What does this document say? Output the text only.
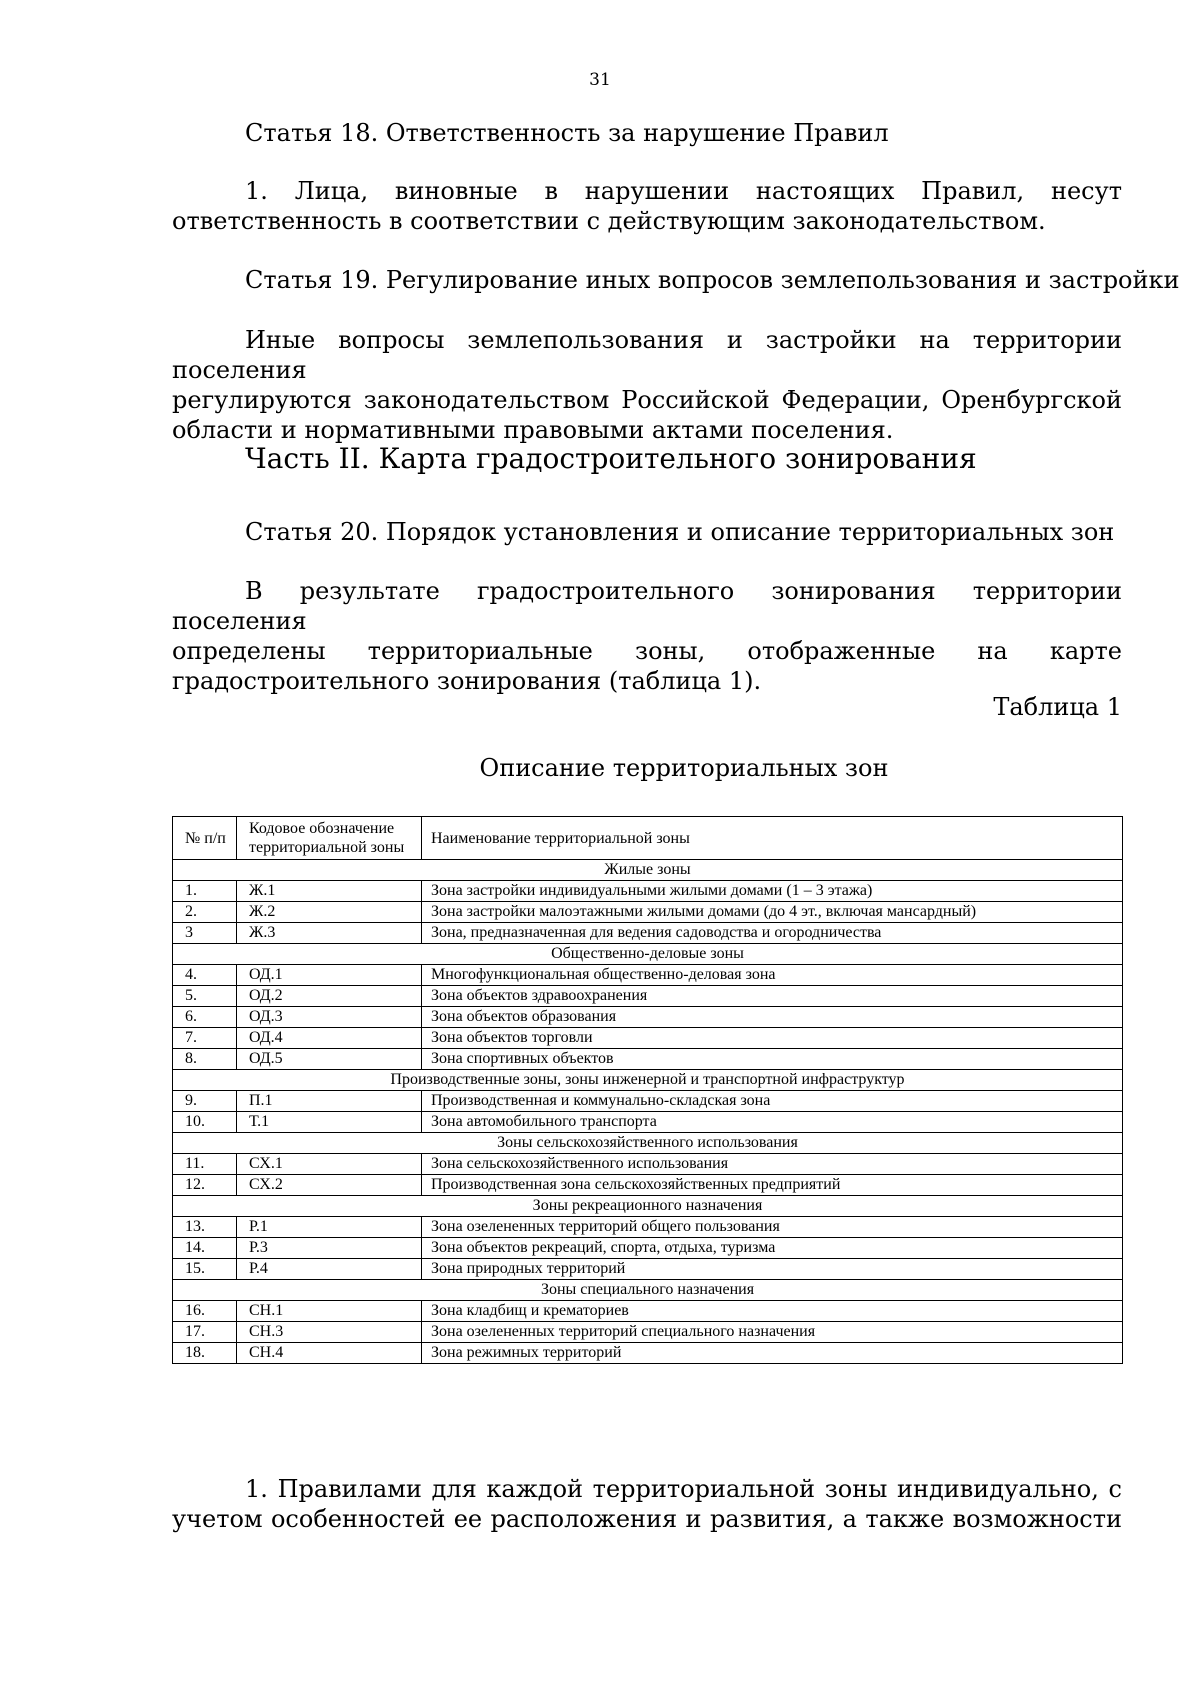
31
Статья 18. Ответственность за нарушение Правил
1. Лица, виновные в нарушении настоящих Правил, несут
ответственность в соответствии с действующим законодательством.
Статья 19. Регулирование иных вопросов землепользования и застройки
Иные вопросы землепользования и застройки на территории поселения
регулируются законодательством Российской Федерации, Оренбургской
области и нормативными правовыми актами поселения.
Часть II. Карта градостроительного зонирования
Статья 20. Порядок установления и описание территориальных зон
В результате градостроительного зонирования территории поселения
определены территориальные зоны, отображенные на карте
градостроительного зонирования (таблица 1).
Таблица 1
Описание территориальных зон
№ п/п	Кодовое обозначение территориальной зоны	Наименование территориальной зоны
Жилые зоны		
1.	Ж.1	Зона застройки индивидуальными жилыми домами (1 – 3 этажа)
2.	Ж.2	Зона застройки малоэтажными жилыми домами (до 4 эт., включая мансардный)
3	Ж.3	Зона, предназначенная для ведения садоводства и огородничества
Общественно-деловые зоны		
4.	ОД.1	Многофункциональная общественно-деловая зона
5.	ОД.2	Зона объектов здравоохранения
6.	ОД.3	Зона объектов образования
7.	ОД.4	Зона объектов торговли
8.	ОД.5	Зона спортивных объектов
Производственные зоны, зоны инженерной и транспортной инфраструктур		
9.	П.1	Производственная и коммунально-складская зона
10.	Т.1	Зона автомобильного транспорта
Зоны сельскохозяйственного использования		
11.	СХ.1	Зона сельскохозяйственного использования
12.	СХ.2	Производственная зона сельскохозяйственных предприятий
Зоны рекреационного назначения		
13.	Р.1	Зона озелененных территорий общего пользования
14.	Р.3	Зона объектов рекреаций, спорта, отдыха, туризма
15.	Р.4	Зона природных территорий
Зоны специального назначения		
16.	СН.1	Зона кладбищ и крематориев
17.	СН.3	Зона озелененных территорий специального назначения
18.	СН.4	Зона режимных территорий
1. Правилами для каждой территориальной зоны индивидуально, с
учетом особенностей ее расположения и развития, а также возможности
